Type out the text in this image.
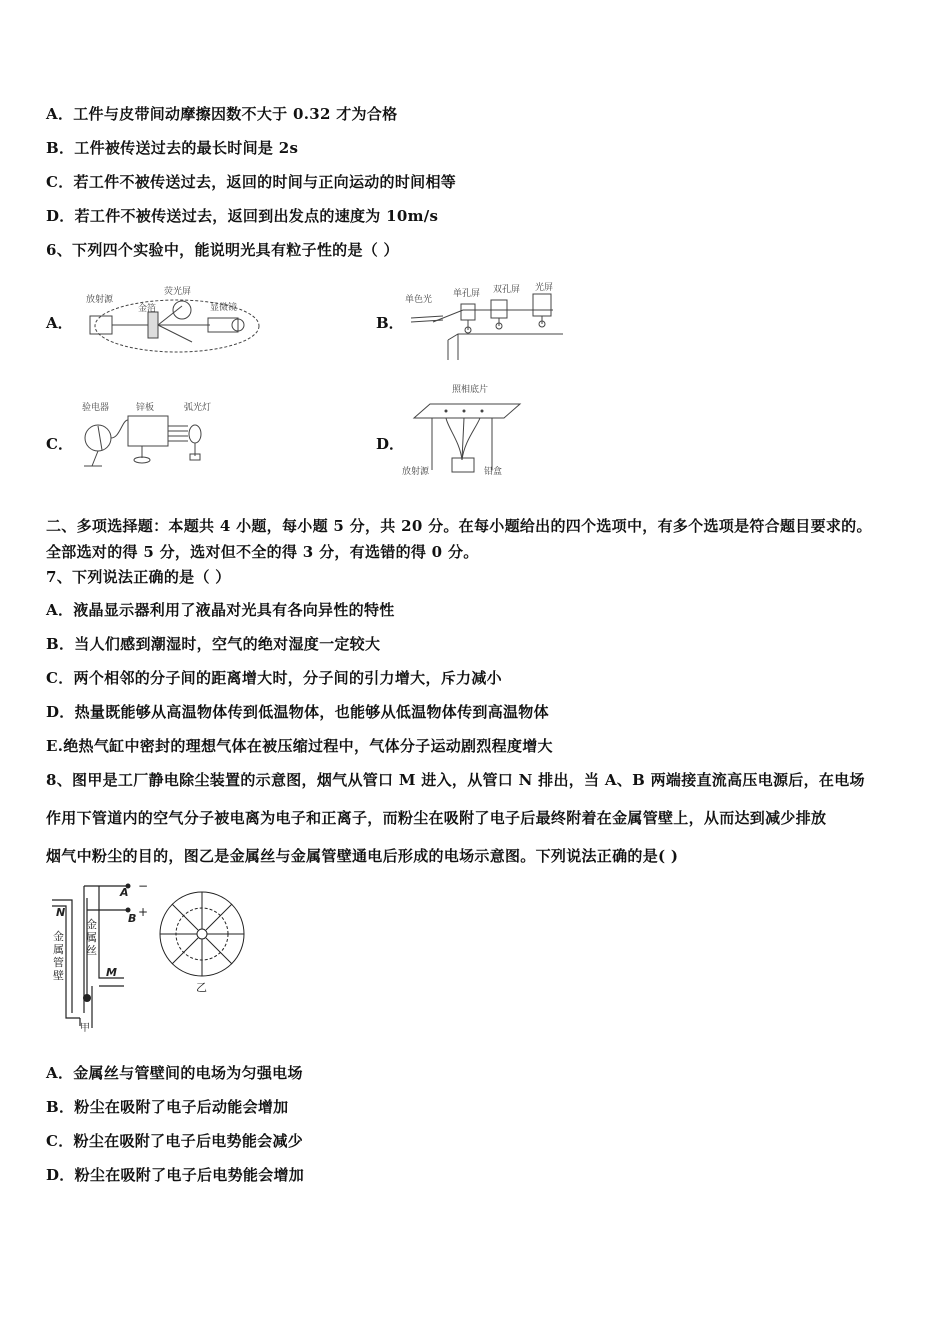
A．工件与皮带间动摩擦因数不大于 0.32 才为合格
B．工件被传送过去的最长时间是 2s
C．若工件不被传送过去，返回的时间与正向运动的时间相等
D．若工件不被传送过去，返回到出发点的速度为 10m/s
6、下列四个实验中，能说明光具有粒子性的是（ ）
A．	B．
C．	D．
放射源
荧光屏
显微镜
金箔
单色光
单孔屏 双孔屏 光屏
验电器	锌板	弧光灯
照相底片
放射源	铅盒
二、多项选择题：本题共 4 小题，每小题 5 分，共 20 分。在每小题给出的四个选项中，有多个选项是符合题目要求的。
全部选对的得 5 分，选对但不全的得 3 分，有选错的得 0 分。
7、下列说法正确的是（ ）
A．液晶显示器利用了液晶对光具有各向异性的特性
B．当人们感到潮湿时，空气的绝对湿度一定较大
C．两个相邻的分子间的距离增大时，分子间的引力增大，斥力减小
D．热量既能够从高温物体传到低温物体，也能够从低温物体传到高温物体
E.绝热气缸中密封的理想气体在被压缩过程中，气体分子运动剧烈程度增大
8、图甲是工厂静电除尘装置的示意图，烟气从管口 M 进入，从管口 N 排出，当 A、B 两端接直流高压电源后，在电场
作用下管道内的空气分子被电离为电子和正离子，而粉尘在吸附了电子后最终附着在金属管壁上，从而达到减少排放
烟气中粉尘的目的，图乙是金属丝与金属管壁通电后形成的电场示意图。下列说法正确的是( )
N
M
A
B
−
+
甲
金属管壁
金属丝
乙
A．金属丝与管壁间的电场为匀强电场
B．粉尘在吸附了电子后动能会增加
C．粉尘在吸附了电子后电势能会减少
D．粉尘在吸附了电子后电势能会增加
